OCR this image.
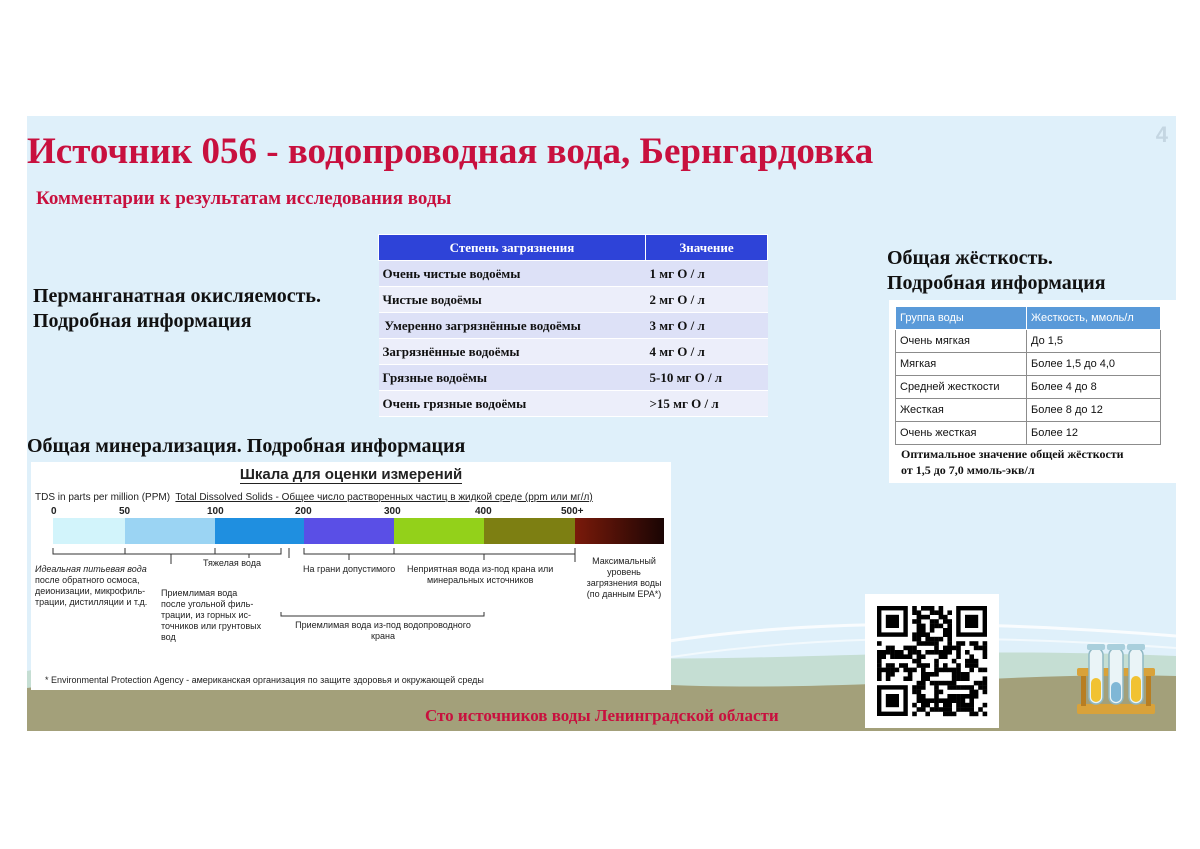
4
Источник 056 - водопроводная вода, Бернгардовка
Комментарии к результатам исследования воды
Перманганатная окисляемость.
Подробная информация
Степень загрязнения	Значение
Очень чистые водоёмы	1 мг О / л
Чистые водоёмы	2 мг О / л
Умеренно загрязнённые водоёмы	3 мг О / л
Загрязнённые водоёмы	4 мг О / л
Грязные водоёмы	5-10 мг О / л
Очень грязные водоёмы	>15 мг О / л
Общая жёсткость.
Подробная информация
Группа воды	Жесткость, ммоль/л
Очень мягкая	До 1,5
Мягкая	Более 1,5 до 4,0
Средней жесткости	Более 4 до 8
Жесткая	Более 8 до 12
Очень жесткая	Более 12
Оптимальное значение общей жёсткости
от 1,5 до 7,0 ммоль-экв/л
Общая минерализация. Подробная информация
Шкала для оценки измерений
TDS in parts per million (PPM) Total Dissolved Solids - Общее число растворенных частиц в жидкой среде (ppm или мг/л)
0	50	100	200	300	400	500+
Идеальная питьевая вода
после обратного осмоса,
деионизации, микрофиль-
трации, дистилляции и т.д.
Тяжелая вода
Приемлимая вода
после угольной филь-
трации, из горных ис-
точников или грунтовых
вод
На грани допустимого Неприятная вода из-под крана или
минеральных источников
Приемлимая вода из-под водопроводного
крана
Максимальный
уровень
загрязнения воды
(по данным EPA*)
* Environmental Protection Agency - американская организация по защите здоровья и окружающей среды
Сто источников воды Ленинградской области
